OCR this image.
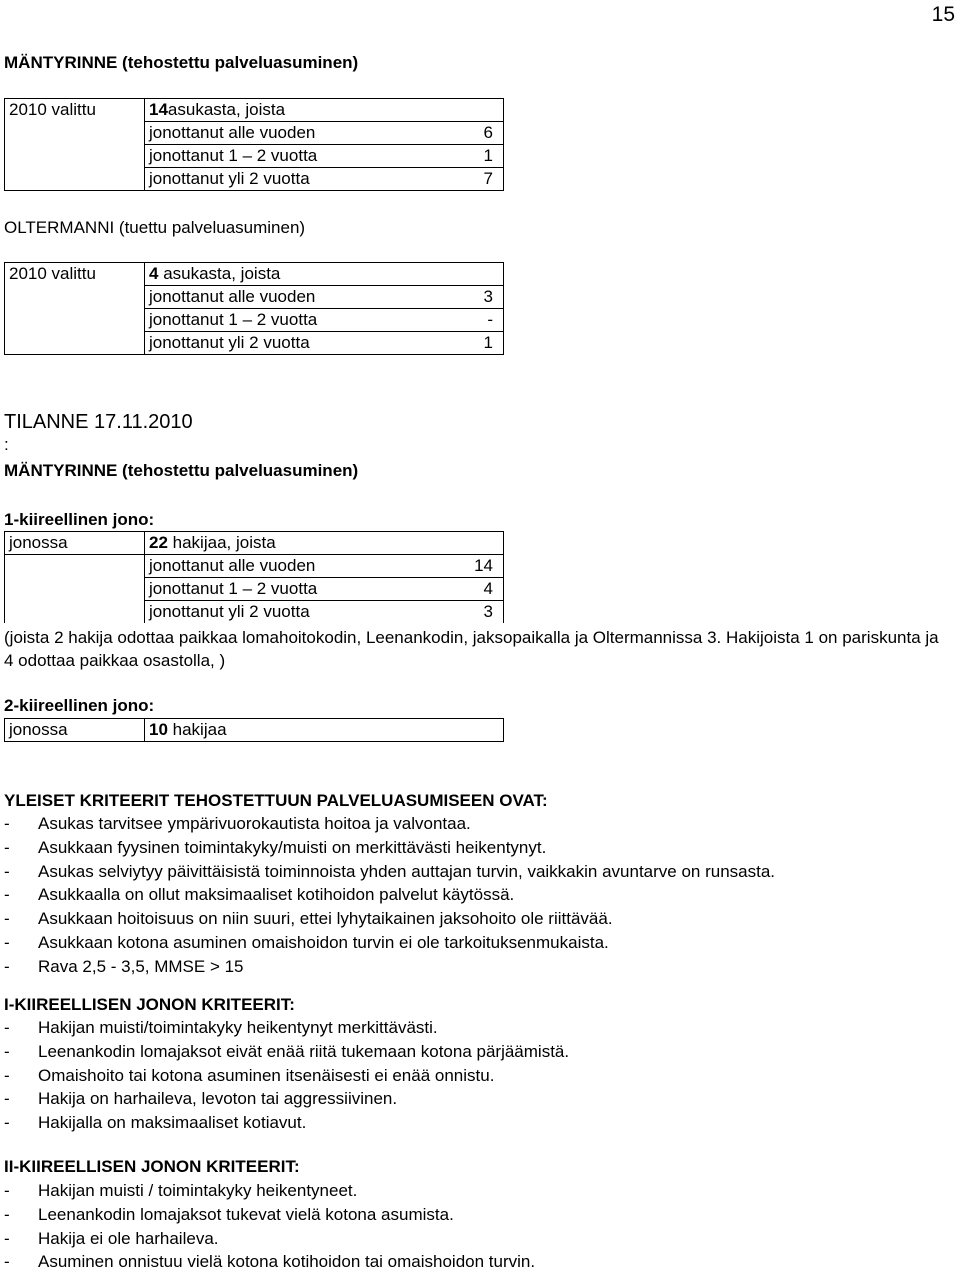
15
MÄNTYRINNE (tehostettu palveluasuminen)
2010 valittu	14asukasta, joista	
	jonottanut alle vuoden	6
	jonottanut 1 – 2 vuotta	1
	jonottanut yli 2 vuotta	7
OLTERMANNI (tuettu palveluasuminen)
2010 valittu	4 asukasta, joista	
	jonottanut alle vuoden	3
	jonottanut 1 – 2 vuotta	-
	jonottanut yli 2 vuotta	1
TILANNE 17.11.2010
:
MÄNTYRINNE (tehostettu palveluasuminen)
1-kiireellinen jono:
jonossa	22 hakijaa, joista	
	jonottanut alle vuoden	14
	jonottanut 1 – 2 vuotta	4
	jonottanut yli 2 vuotta	3
(joista 2 hakija odottaa paikkaa lomahoitokodin, Leenankodin, jaksopaikalla ja Oltermannissa 3. Hakijoista 1 on pariskunta ja 4 odottaa paikkaa osastolla, )
2-kiireellinen jono:
jonossa	10 hakijaa
YLEISET KRITEERIT TEHOSTETTUUN PALVELUASUMISEEN OVAT:
- Asukas tarvitsee ympärivuorokautista hoitoa ja valvontaa.
- Asukkaan fyysinen toimintakyky/muisti on merkittävästi heikentynyt.
- Asukas selviytyy päivittäisistä toiminnoista yhden auttajan turvin, vaikkakin avuntarve on runsasta.
- Asukkaalla on ollut maksimaaliset kotihoidon palvelut käytössä.
- Asukkaan hoitoisuus on niin suuri, ettei lyhytaikainen jaksohoito ole riittävää.
- Asukkaan kotona asuminen omaishoidon turvin ei ole tarkoituksenmukaista.
- Rava 2,5 - 3,5, MMSE > 15
I-KIIREELLISEN JONON KRITEERIT:
- Hakijan muisti/toimintakyky heikentynyt merkittävästi.
- Leenankodin lomajaksot eivät enää riitä tukemaan kotona pärjäämistä.
- Omaishoito tai kotona asuminen itsenäisesti ei enää onnistu.
- Hakija on harhaileva, levoton tai aggressiivinen.
- Hakijalla on maksimaaliset kotiavut.
II-KIIREELLISEN JONON KRITEERIT:
- Hakijan muisti / toimintakyky heikentyneet.
- Leenankodin lomajaksot tukevat vielä kotona asumista.
- Hakija ei ole harhaileva.
- Asuminen onnistuu vielä kotona kotihoidon tai omaishoidon turvin.
